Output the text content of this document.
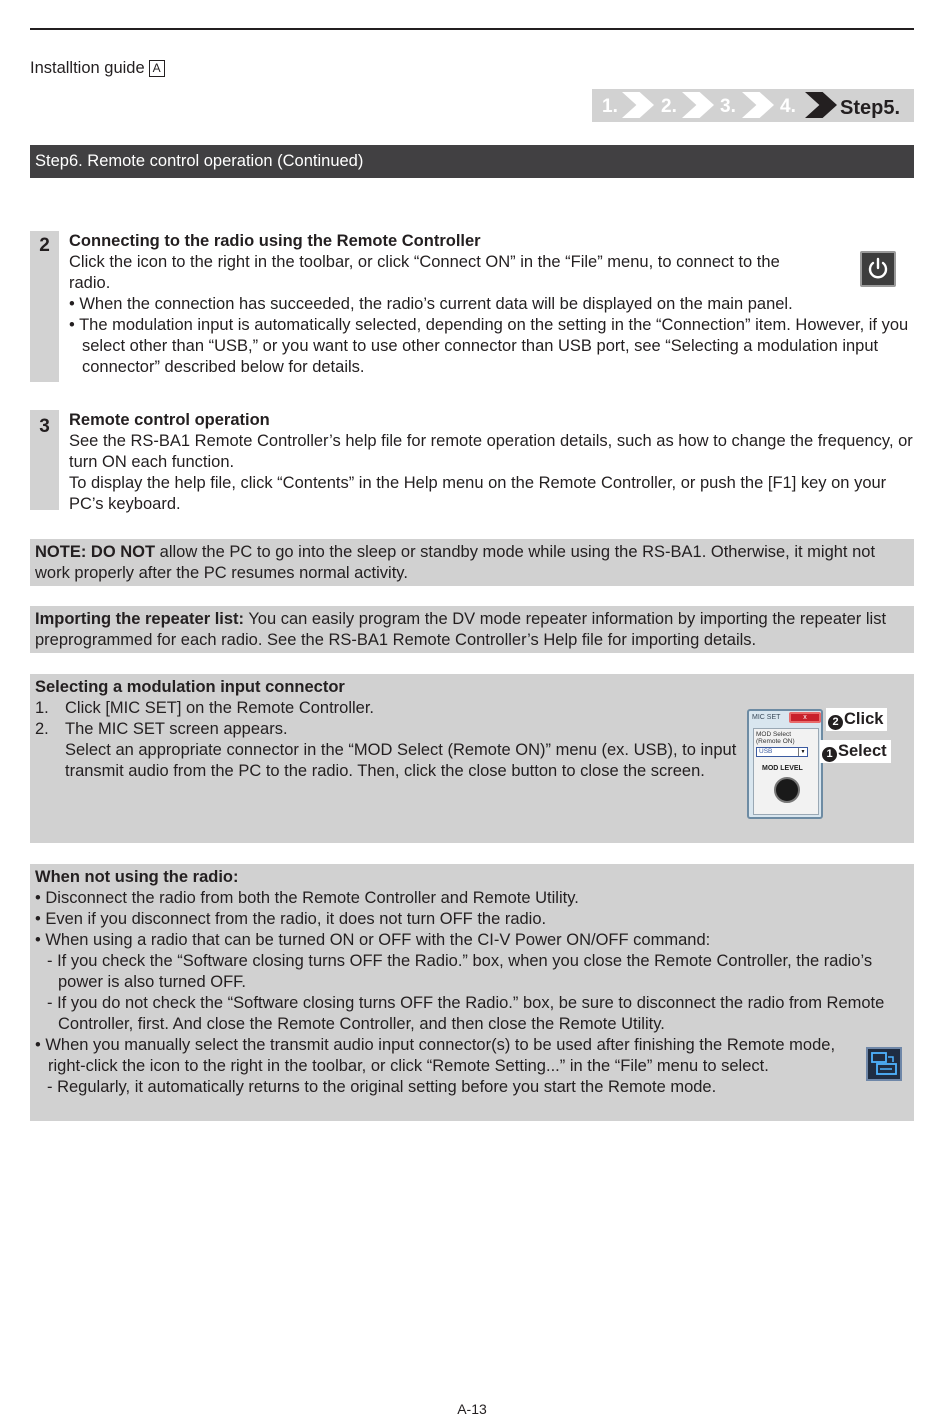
Installtion guide A
1. 2. 3. 4. Step5.
Step6. Remote control operation (Continued)
2	Connecting to the radio using the Remote Controller
Click the icon to the right in the toolbar, or click “Connect ON” in the “File” menu, to connect to the
radio.
• When the connection has succeeded, the radio’s current data will be displayed on the main panel.
• The modulation input is automatically selected, depending on the setting in the “Connection” item. However, if you select other than “USB,” or you want to use other connector than USB port, see “Selecting a modulation input connector” described below for details.
3	Remote control operation
See the RS-BA1 Remote Controller’s help file for remote operation details, such as how to change the frequency, or turn ON each function.
To display the help file, click “Contents” in the Help menu on the Remote Controller, or push the [F1] key on your PC’s keyboard.
NOTE: DO NOT allow the PC to go into the sleep or standby mode while using the RS-BA1. Otherwise, it might not work properly after the PC resumes normal activity.
Importing the repeater list: You can easily program the DV mode repeater information by importing the repeater list preprogrammed for each radio. See the RS-BA1 Remote Controller’s Help file for importing details.
Selecting a modulation input connector
1. Click [MIC SET] on the Remote Controller.
2. The MIC SET screen appears.
Select an appropriate connector in the “MOD Select (Remote ON)” menu (ex. USB), to input transmit audio from the PC to the radio. Then, click the close button to close the screen.
MIC SET	x
MOD Select
(Remote ON)
USB	▼
MOD LEVEL
2 Click
1 Select
When not using the radio:
• Disconnect the radio from both the Remote Controller and Remote Utility.
• Even if you disconnect from the radio, it does not turn OFF the radio.
• When using a radio that can be turned ON or OFF with the CI-V Power ON/OFF command:
- If you check the “Software closing turns OFF the Radio.” box, when you close the Remote Controller, the radio’s power is also turned OFF.
- If you do not check the “Software closing turns OFF the Radio.” box, be sure to disconnect the radio from Remote Controller, first. And close the Remote Controller, and then close the Remote Utility.
• When you manually select the transmit audio input connector(s) to be used after finishing the Remote mode, right-click the icon to the right in the toolbar, or click “Remote Setting...” in the “File” menu to select.
- Regularly, it automatically returns to the original setting before you start the Remote mode.
A-13
